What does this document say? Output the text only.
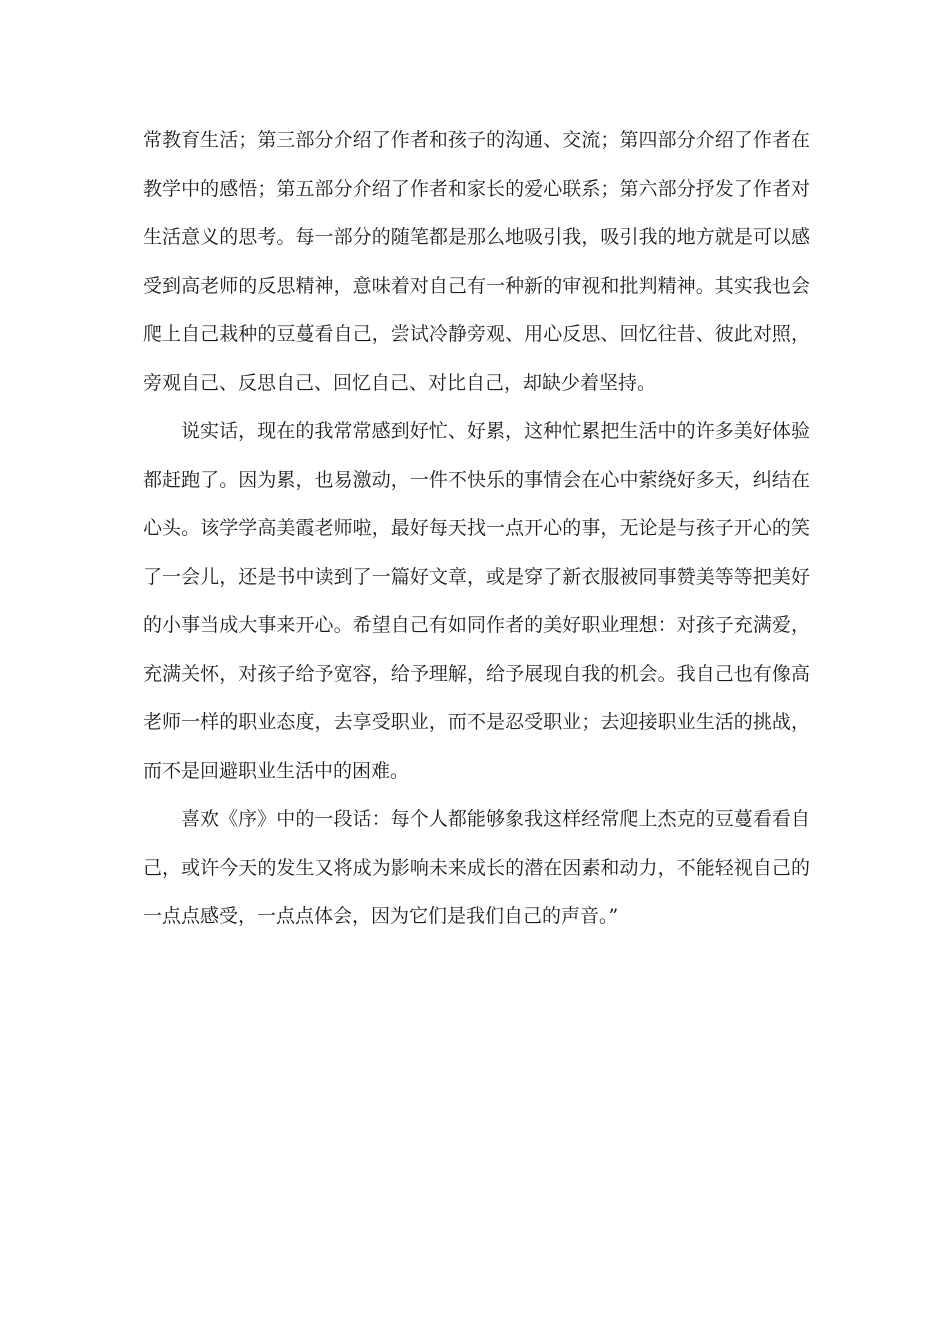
常教育生活；第三部分介绍了作者和孩子的沟通、交流；第四部分介绍了作者在教学中的感悟；第五部分介绍了作者和家长的爱心联系；第六部分抒发了作者对生活意义的思考。每一部分的随笔都是那么地吸引我，吸引我的地方就是可以感受到高老师的反思精神，意味着对自己有一种新的审视和批判精神。其实我也会爬上自己栽种的豆蔓看自己，尝试冷静旁观、用心反思、回忆往昔、彼此对照，旁观自己、反思自己、回忆自己、对比自己，却缺少着坚持。

说实话，现在的我常常感到好忙、好累，这种忙累把生活中的许多美好体验都赶跑了。因为累，也易激动，一件不快乐的事情会在心中萦绕好多天，纠结在心头。该学学高美霞老师啦，最好每天找一点开心的事，无论是与孩子开心的笑了一会儿，还是书中读到了一篇好文章，或是穿了新衣服被同事赞美等等把美好的小事当成大事来开心。希望自己有如同作者的美好职业理想：对孩子充满爱，充满关怀，对孩子给予宽容，给予理解，给予展现自我的机会。我自己也有像高老师一样的职业态度，去享受职业，而不是忍受职业；去迎接职业生活的挑战，而不是回避职业生活中的困难。

喜欢《序》中的一段话：每个人都能够象我这样经常爬上杰克的豆蔓看看自己，或许今天的发生又将成为影响未来成长的潜在因素和动力，不能轻视自己的一点点感受，一点点体会，因为它们是我们自己的声音。”
